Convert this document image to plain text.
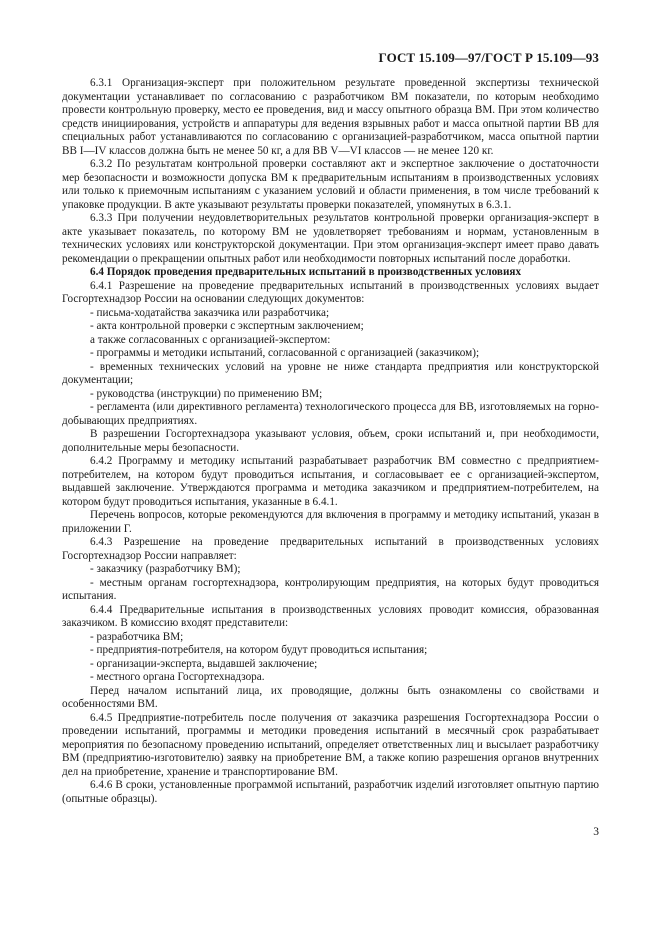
ГОСТ 15.109—97/ГОСТ Р 15.109—93

6.3.1 Организация-эксперт при положительном результате проведенной экспертизы технической документации устанавливает по согласованию с разработчиком ВМ показатели, по которым необходимо провести контрольную проверку, место ее проведения, вид и массу опытного образца ВМ. При этом количество средств инициирования, устройств и аппаратуры для ведения взрывных работ и масса опытной партии ВВ для специальных работ устанавливаются по согласованию с организацией-разработчиком, масса опытной партии ВВ I—IV классов должна быть не менее 50 кг, а для ВВ V—VI классов — не менее 120 кг.

6.3.2 По результатам контрольной проверки составляют акт и экспертное заключение о достаточности мер безопасности и возможности допуска ВМ к предварительным испытаниям в производственных условиях или только к приемочным испытаниям с указанием условий и области применения, в том числе требований к упаковке продукции. В акте указывают результаты проверки показателей, упомянутых в 6.3.1.

6.3.3 При получении неудовлетворительных результатов контрольной проверки организация-эксперт в акте указывает показатель, по которому ВМ не удовлетворяет требованиям и нормам, установленным в технических условиях или конструкторской документации. При этом организация-эксперт имеет право давать рекомендации о прекращении опытных работ или необходимости повторных испытаний после доработки.

6.4 Порядок проведения предварительных испытаний в производственных условиях

6.4.1 Разрешение на проведение предварительных испытаний в производственных условиях выдает Госгортехнадзор России на основании следующих документов:

- письма-ходатайства заказчика или разработчика;

- акта контрольной проверки с экспертным заключением;

а также согласованных с организацией-экспертом:

- программы и методики испытаний, согласованной с организацией (заказчиком);

- временных технических условий на уровне не ниже стандарта предприятия или конструкторской документации;

- руководства (инструкции) по применению ВМ;

- регламента (или директивного регламента) технологического процесса для ВВ, изготовляемых на горно-добывающих предприятиях.

В разрешении Госгортехнадзора указывают условия, объем, сроки испытаний и, при необходимости, дополнительные меры безопасности.

6.4.2 Программу и методику испытаний разрабатывает разработчик ВМ совместно с предприятием-потребителем, на котором будут проводиться испытания, и согласовывает ее с организацией-экспертом, выдавшей заключение. Утверждаются программа и методика заказчиком и предприятием-потребителем, на котором будут проводиться испытания, указанные в 6.4.1.

Перечень вопросов, которые рекомендуются для включения в программу и методику испытаний, указан в приложении Г.

6.4.3 Разрешение на проведение предварительных испытаний в производственных условиях Госгортехнадзор России направляет:

- заказчику (разработчику ВМ);

- местным органам госгортехнадзора, контролирующим предприятия, на которых будут проводиться испытания.

6.4.4 Предварительные испытания в производственных условиях проводит комиссия, образованная заказчиком. В комиссию входят представители:

- разработчика ВМ;

- предприятия-потребителя, на котором будут проводиться испытания;

- организации-эксперта, выдавшей заключение;

- местного органа Госгортехнадзора.

Перед началом испытаний лица, их проводящие, должны быть ознакомлены со свойствами и особенностями ВМ.

6.4.5 Предприятие-потребитель после получения от заказчика разрешения Госгортехнадзора России о проведении испытаний, программы и методики проведения испытаний в месячный срок разрабатывает мероприятия по безопасному проведению испытаний, определяет ответственных лиц и высылает разработчику ВМ (предприятию-изготовителю) заявку на приобретение ВМ, а также копию разрешения органов внутренних дел на приобретение, хранение и транспортирование ВМ.

6.4.6 В сроки, установленные программой испытаний, разработчик изделий изготовляет опытную партию (опытные образцы).

3
